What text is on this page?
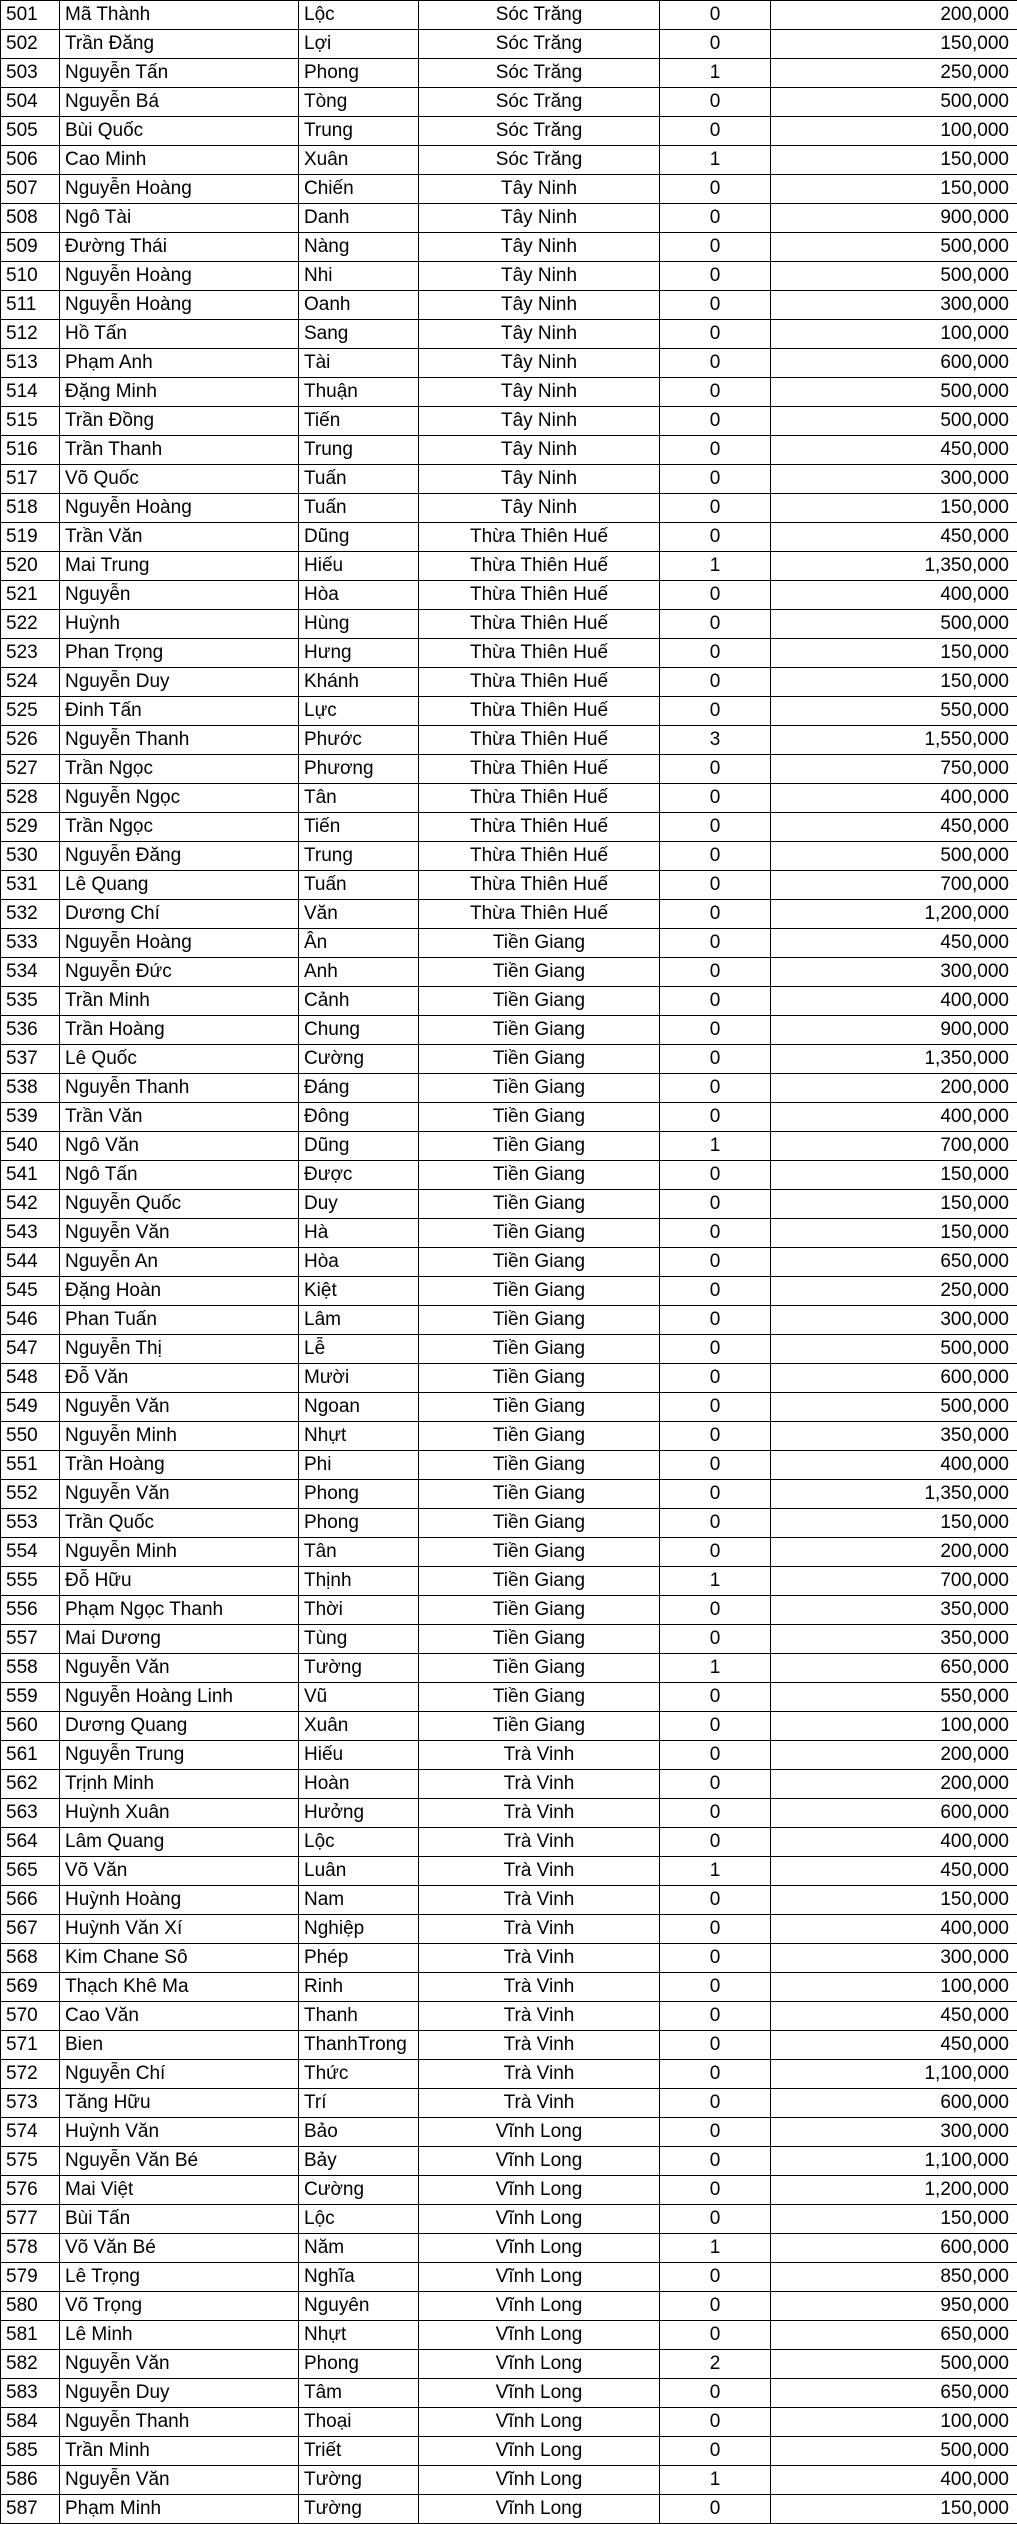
501	Mã Thành	Lộc	Sóc Trăng	0	200,000
502	Trần Đăng	Lợi	Sóc Trăng	0	150,000
503	Nguyễn Tấn	Phong	Sóc Trăng	1	250,000
504	Nguyễn Bá	Tòng	Sóc Trăng	0	500,000
505	Bùi Quốc	Trung	Sóc Trăng	0	100,000
506	Cao Minh	Xuân	Sóc Trăng	1	150,000
507	Nguyễn Hoàng	Chiến	Tây Ninh	0	150,000
508	Ngô Tài	Danh	Tây Ninh	0	900,000
509	Đường Thái	Nàng	Tây Ninh	0	500,000
510	Nguyễn Hoàng	Nhi	Tây Ninh	0	500,000
511	Nguyễn Hoàng	Oanh	Tây Ninh	0	300,000
512	Hồ Tấn	Sang	Tây Ninh	0	100,000
513	Phạm Anh	Tài	Tây Ninh	0	600,000
514	Đặng Minh	Thuận	Tây Ninh	0	500,000
515	Trần Đồng	Tiến	Tây Ninh	0	500,000
516	Trần Thanh	Trung	Tây Ninh	0	450,000
517	Võ Quốc	Tuấn	Tây Ninh	0	300,000
518	Nguyễn Hoàng	Tuấn	Tây Ninh	0	150,000
519	Trần Văn	Dũng	Thừa Thiên Huế	0	450,000
520	Mai Trung	Hiếu	Thừa Thiên Huế	1	1,350,000
521	Nguyễn	Hòa	Thừa Thiên Huế	0	400,000
522	Huỳnh	Hùng	Thừa Thiên Huế	0	500,000
523	Phan Trọng	Hưng	Thừa Thiên Huế	0	150,000
524	Nguyễn Duy	Khánh	Thừa Thiên Huế	0	150,000
525	Đinh Tấn	Lực	Thừa Thiên Huế	0	550,000
526	Nguyễn Thanh	Phước	Thừa Thiên Huế	3	1,550,000
527	Trần Ngọc	Phương	Thừa Thiên Huế	0	750,000
528	Nguyễn Ngọc	Tân	Thừa Thiên Huế	0	400,000
529	Trần Ngọc	Tiến	Thừa Thiên Huế	0	450,000
530	Nguyễn Đăng	Trung	Thừa Thiên Huế	0	500,000
531	Lê Quang	Tuấn	Thừa Thiên Huế	0	700,000
532	Dương Chí	Văn	Thừa Thiên Huế	0	1,200,000
533	Nguyễn Hoàng	Ân	Tiền Giang	0	450,000
534	Nguyễn Đức	Anh	Tiền Giang	0	300,000
535	Trần Minh	Cảnh	Tiền Giang	0	400,000
536	Trần Hoàng	Chung	Tiền Giang	0	900,000
537	Lê Quốc	Cường	Tiền Giang	0	1,350,000
538	Nguyễn Thanh	Đáng	Tiền Giang	0	200,000
539	Trần Văn	Đông	Tiền Giang	0	400,000
540	Ngô Văn	Dũng	Tiền Giang	1	700,000
541	Ngô Tấn	Được	Tiền Giang	0	150,000
542	Nguyễn Quốc	Duy	Tiền Giang	0	150,000
543	Nguyễn Văn	Hà	Tiền Giang	0	150,000
544	Nguyễn An	Hòa	Tiền Giang	0	650,000
545	Đặng Hoàn	Kiệt	Tiền Giang	0	250,000
546	Phan Tuấn	Lâm	Tiền Giang	0	300,000
547	Nguyễn Thị	Lễ	Tiền Giang	0	500,000
548	Đỗ Văn	Mười	Tiền Giang	0	600,000
549	Nguyễn Văn	Ngoan	Tiền Giang	0	500,000
550	Nguyễn Minh	Nhựt	Tiền Giang	0	350,000
551	Trần Hoàng	Phi	Tiền Giang	0	400,000
552	Nguyễn Văn	Phong	Tiền Giang	0	1,350,000
553	Trần Quốc	Phong	Tiền Giang	0	150,000
554	Nguyễn Minh	Tân	Tiền Giang	0	200,000
555	Đỗ Hữu	Thịnh	Tiền Giang	1	700,000
556	Phạm Ngọc Thanh	Thời	Tiền Giang	0	350,000
557	Mai Dương	Tùng	Tiền Giang	0	350,000
558	Nguyễn Văn	Tường	Tiền Giang	1	650,000
559	Nguyễn Hoàng Linh	Vũ	Tiền Giang	0	550,000
560	Dương Quang	Xuân	Tiền Giang	0	100,000
561	Nguyễn Trung	Hiếu	Trà Vinh	0	200,000
562	Trịnh Minh	Hoàn	Trà Vinh	0	200,000
563	Huỳnh Xuân	Hưởng	Trà Vinh	0	600,000
564	Lâm Quang	Lộc	Trà Vinh	0	400,000
565	Võ Văn	Luân	Trà Vinh	1	450,000
566	Huỳnh Hoàng	Nam	Trà Vinh	0	150,000
567	Huỳnh Văn Xí	Nghiệp	Trà Vinh	0	400,000
568	Kim Chane Sô	Phép	Trà Vinh	0	300,000
569	Thạch Khê Ma	Rinh	Trà Vinh	0	100,000
570	Cao Văn	Thanh	Trà Vinh	0	450,000
571	Bien	ThanhTrong	Trà Vinh	0	450,000
572	Nguyễn Chí	Thức	Trà Vinh	0	1,100,000
573	Tăng Hữu	Trí	Trà Vinh	0	600,000
574	Huỳnh Văn	Bảo	Vĩnh Long	0	300,000
575	Nguyễn Văn Bé	Bảy	Vĩnh Long	0	1,100,000
576	Mai Việt	Cường	Vĩnh Long	0	1,200,000
577	Bùi Tấn	Lộc	Vĩnh Long	0	150,000
578	Võ Văn Bé	Năm	Vĩnh Long	1	600,000
579	Lê Trọng	Nghĩa	Vĩnh Long	0	850,000
580	Võ Trọng	Nguyên	Vĩnh Long	0	950,000
581	Lê Minh	Nhựt	Vĩnh Long	0	650,000
582	Nguyễn Văn	Phong	Vĩnh Long	2	500,000
583	Nguyễn Duy	Tâm	Vĩnh Long	0	650,000
584	Nguyễn Thanh	Thoại	Vĩnh Long	0	100,000
585	Trần Minh	Triết	Vĩnh Long	0	500,000
586	Nguyễn Văn	Tường	Vĩnh Long	1	400,000
587	Phạm Minh	Tường	Vĩnh Long	0	150,000
